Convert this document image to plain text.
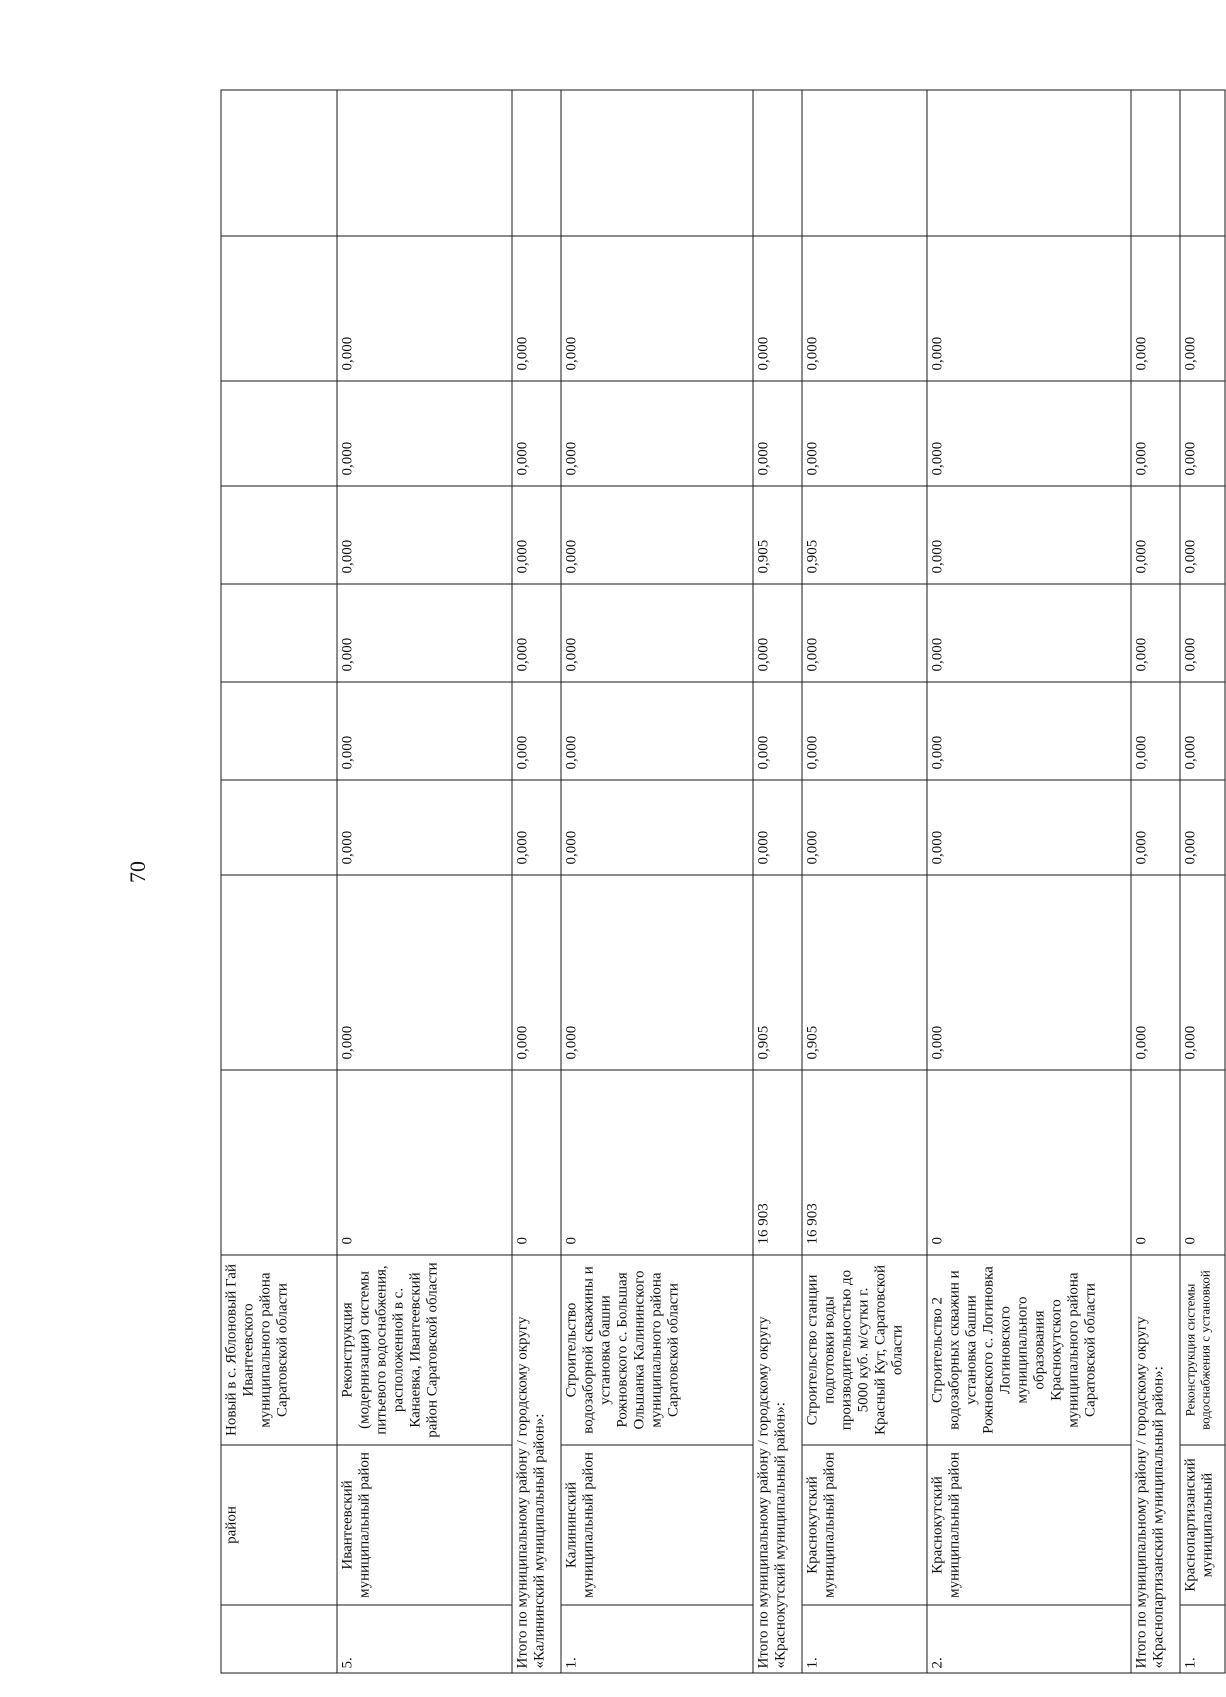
70
	район	Новый в с. Яблоновый Гай Ивантеевского муниципального района Саратовской области									
5.	Ивантеевский муниципальный район	Реконструкция (модернизация) системы питьевого водоснабжения, расположенной в с. Канаевка, Ивантеевский район Саратовской области	0	0,000	0,000	0,000	0,000	0,000	0,000	0,000	
Итого по муниципальному району / городскому округу «Калининский муниципальный район»:			0	0,000	0,000	0,000	0,000	0,000	0,000	0,000	
1.	Калининский муниципальный район	Строительство водозаборной скважины и установка башни Рожновского с. Большая Ольшанка Калининского муниципального района Саратовской области	0	0,000	0,000	0,000	0,000	0,000	0,000	0,000	
Итого по муниципальному району / городскому округу «Краснокутский муниципальный район»:			16 903	0,905	0,000	0,000	0,000	0,905	0,000	0,000	
1.	Краснокутский муниципальный район	Строительство станции подготовки воды производительностью до 5000 куб. м/сутки г. Красный Кут, Саратовской области	16 903	0,905	0,000	0,000	0,000	0,905	0,000	0,000	
2.	Краснокутский муниципальный район	Строительство 2 водозаборных скважин и установка башни Рожновского с. Логиновка Логиновского муниципального образования Краснокутского муниципального района Саратовской области	0	0,000	0,000	0,000	0,000	0,000	0,000	0,000	
Итого по муниципальному району / городскому округу «Краснопартизанский муниципальный район»:			0	0,000	0,000	0,000	0,000	0,000	0,000	0,000	
1.	Краснопартизанский муниципальный	Реконструкция системы водоснабжения с установкой	0	0,000	0,000	0,000	0,000	0,000	0,000	0,000	
